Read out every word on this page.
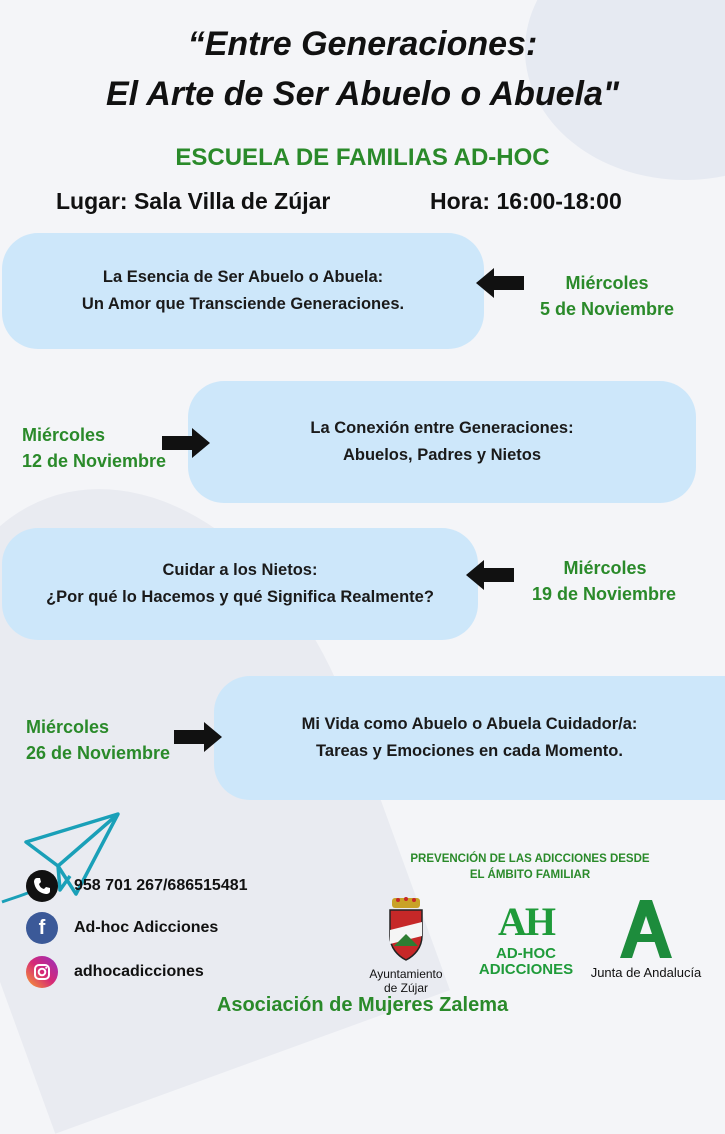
“Entre Generaciones:
El Arte de Ser Abuelo o Abuela"
ESCUELA DE FAMILIAS AD-HOC
Lugar: Sala Villa de Zújar	Hora: 16:00-18:00
La Esencia de Ser Abuelo o Abuela:
Un Amor que Transciende Generaciones.
Miércoles
5 de Noviembre
La Conexión entre Generaciones:
Abuelos, Padres y Nietos
Miércoles
12 de Noviembre
Cuidar a los Nietos:
¿Por qué lo Hacemos y qué Significa Realmente?
Miércoles
19 de Noviembre
Mi Vida como Abuelo o Abuela Cuidador/a:
Tareas y Emociones en cada Momento.
Miércoles
26 de Noviembre
958 701 267/686515481
f	Ad-hoc Adicciones
adhocadicciones
PREVENCIÓN DE LAS ADICCIONES DESDE
EL ÁMBITO FAMILIAR
Ayuntamiento
de Zújar
AH
AD-HOC
ADICCIONES	Junta de Andalucía
Asociación de Mujeres Zalema
